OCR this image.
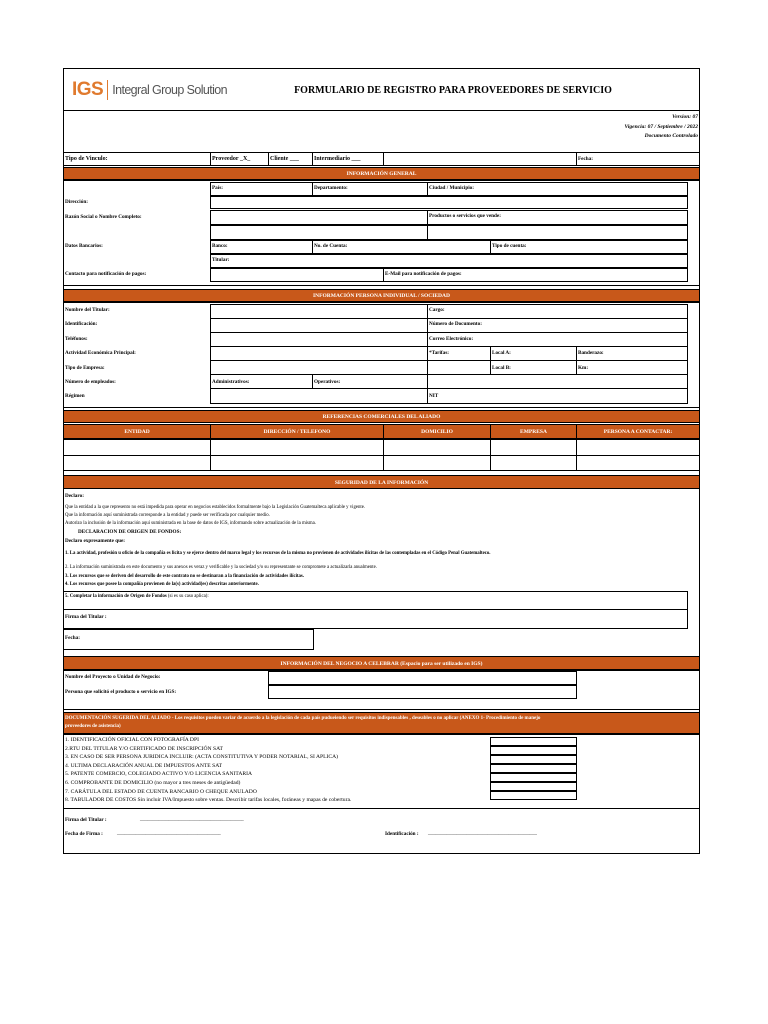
IGS Integral Group Solution	FORMULARIO DE REGISTRO PARA PROVEEDORES DE SERVICIO
Version: 07
Vigencia: 07 / Septiembre / 2022
Documento Controlado
Tipo de Vinculo:	Proveedor _X_	Cliente ___	Intermediario ___	Fecha:
INFORMACIÓN GENERAL
País:	Departamento:	Ciudad / Municipio:
Dirección:
Razón Social o Nombre Completo:	Productos o servicios que vende:
Datos Bancarios:	Banco:	No. de Cuenta:	Tipo de cuenta:
Titular:
Contacto para notificación de pagos:	E-Mail para notificación de pagos:
INFORMACIÓN PERSONA INDIVIDUAL / SOCIEDAD
Nombre del Titular:	Cargo:
Identificación:	Número de Documento:
Teléfonos:	Correo Electrónico:
Actividad Económica Principal:	*Tarifas:	Local A:	Banderazo:
Tipo de Empresa:	Local B:	Km:
Número de empleados:	Administrativos:	Operativos:
Régimen	NIT
REFERENCIAS COMERCIALES DEL ALIADO
ENTIDAD	DIRECCIÓN / TELEFONO	DOMICILIO	EMPRESA	PERSONA A CONTACTAR:
SEGURIDAD DE LA INFORMACIÓN
Declaro:
Que la entidad a la que represento no está impedida para operar en negocios establecidos formalmente bajo la Legislación Guatemalteca aplicable y vigente.
Que la información aquí suministrada corresponde a la entidad y puede ser verificada por cualquier medio.
Autorizo la inclusión de la información aquí suministrada en la base de datos de IGS, informando sobre actualización de la misma.
DECLARACION DE ORIGEN DE FONDOS:
Declaro expresamente que:
1. La actividad, profesión u oficio de la compañía es licita y se ejerce dentro del marco legal y los recursos de la misma no provienen de actividades ilícitas de las contempladas en el Código Penal Guatemalteco.
2. La información suministrada en este documento y sus anexos es veraz y verificable y la sociedad y/o su representante se compromete a actualizarla anualmente.
3. Los recursos que se deriven del desarrollo de este contrato no se destinaran a la financiación de actividades ilícitas.
4. Los recursos que posee la compañía provienen de la(s) actividad(es) descritas anteriormente.
5. Completar la información de Origen de Fondos (si es su caso aplica):
Firma del Titular :
Fecha:
INFORMACIÓN DEL NEGOCIO A CELEBRAR (Espacio para ser utilizado en IGS)
Nombre del Proyecto o Unidad de Negocio:
Persona que solicitó el producto o servicio en IGS:
DOCUMENTACIÓN SUGERIDA DEL ALIADO - Los requisitos pueden variar de acuerdo a la legislación de cada país pudueiendo ser requisitos indispensables , deseables o no aplicar (ANEXO 1- Procedimiento de manejo
proveedores de asistencia)
1. IDENTIFICACIÓN OFICIAL CON FOTOGRAFÍA DPI
2.RTU DEL TITULAR Y/O CERTIFICADO DE INSCRIPCIÓN SAT
3. EN CASO DE SER PERSONA JURIDICA INCLUIR: (ACTA CONSTITUTIVA Y PODER NOTARIAL, SI APLICA)
4. ULTIMA DECLARACIÓN ANUAL DE IMPUESTOS ANTE SAT
5. PATENTE COMERCIO, COLEGIADO ACTIVO Y/O LICENCIA SANITARIA
6. COMPROBANTE DE DOMICILIO (no mayor a tres meses de antigüedad)
7. CARÁTULA DEL ESTADO DE CUENTA BANCARIO O CHEQUE ANULADO
8. TABULADOR DE COSTOS Sin incluir IVA/Impuesto sobre ventas. Describir tarifas locales, foráneas y mapas de cobertura.
Firma del Titular :	________________________________________
Fecha de Firma :	________________________________________	Identificación : __________________________________________
